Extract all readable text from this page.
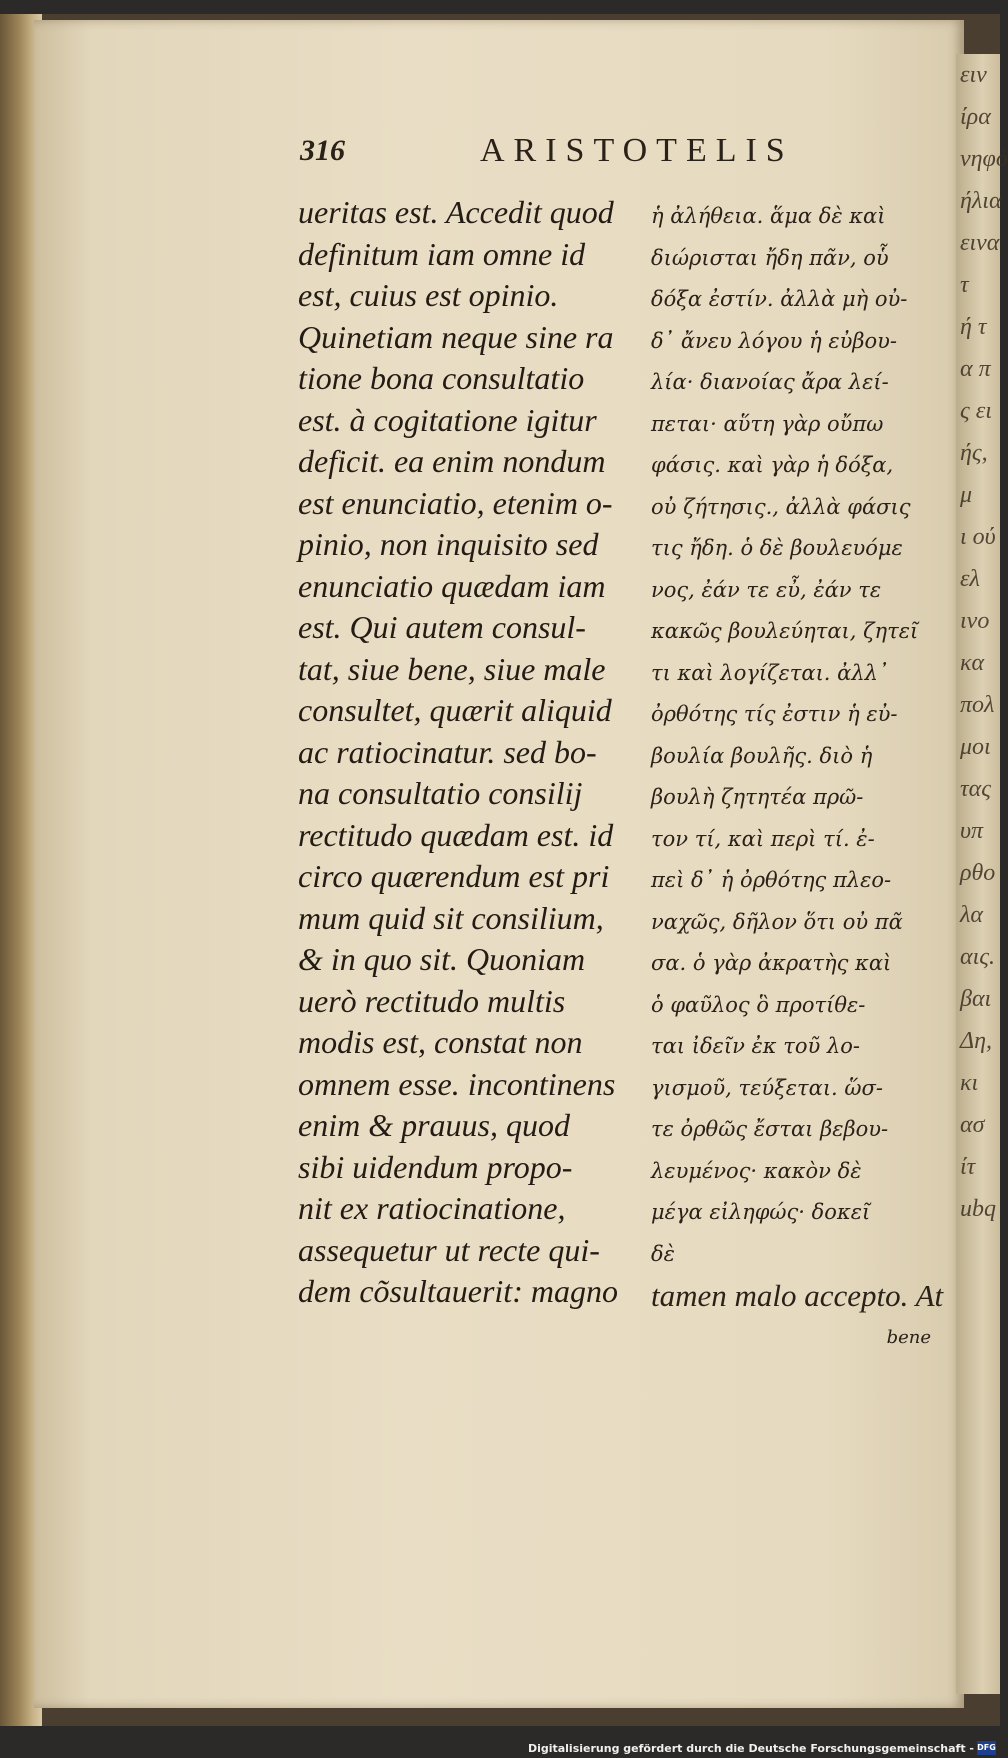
ειν
ίρα
νηφό
ήλια
εινα
τ
ή τ
α π
ς ει
ής,
μ
ι ού
ελ
ινο
κα
πολ
μοι
τας
υπ
ρθο
λα
αις.
βαι
Δη,
κι
ασ
ίτ
ubq
316	ARISTOTELIS
ueritas est. Accedit quod
definitum iam omne id
est, cuius est opinio.
Quinetiam neque sine ra
tione bona consultatio
est. à cogitatione igitur
deficit. ea enim nondum
est enunciatio, etenim o-
pinio, non inquisito sed
enunciatio quædam iam
est. Qui autem consul-
tat, siue bene, siue male
consultet, quærit aliquid
ac ratiocinatur. sed bo-
na consultatio consilij
rectitudo quædam est. id
circo quærendum est pri
mum quid sit consilium,
& in quo sit. Quoniam
uerò rectitudo multis
modis est, constat non
omnem esse. incontinens
enim & prauus, quod
sibi uidendum propo-
nit ex ratiocinatione,
assequetur ut recte qui-
dem cõsultauerit: magno
ἡ ἀλήθεια. ἅμα δὲ καὶ
διώρισται ἤδη πᾶν, οὗ
δόξα ἐστίν. ἀλλὰ μὴ οὐ-
δ᾽ ἄνευ λόγου ἡ εὐβου-
λία· διανοίας ἄρα λεί-
πεται· αὕτη γὰρ οὔπω
φάσις. καὶ γὰρ ἡ δόξα,
οὐ ζήτησις., ἀλλὰ φάσις
τις ἤδη. ὁ δὲ βουλευόμε
νος, ἐάν τε εὖ, ἐάν τε
κακῶς βουλεύηται, ζητεῖ
τι καὶ λογίζεται. ἀλλ᾽
ὀρθότης τίς ἐστιν ἡ εὐ-
βουλία βουλῆς. διὸ ἡ
βουλὴ ζητητέα πρῶ-
τον τί, καὶ περὶ τί. ἐ-
πεὶ δ᾽ ἡ ὀρθότης πλεο-
ναχῶς, δῆλον ὅτι οὐ πᾶ
σα. ὁ γὰρ ἀκρατὴς καὶ
ὁ φαῦλος ὃ προτίθε-
ται ἰδεῖν ἐκ τοῦ λο-
γισμοῦ, τεύξεται. ὥσ-
τε ὀρθῶς ἔσται βεβου-
λευμένος· κακὸν δὲ
μέγα εἰληφώς· δοκεῖ
δὲ
tamen malo accepto. At
bene
Digitalisierung gefördert durch die Deutsche Forschungsgemeinschaft - DFG
